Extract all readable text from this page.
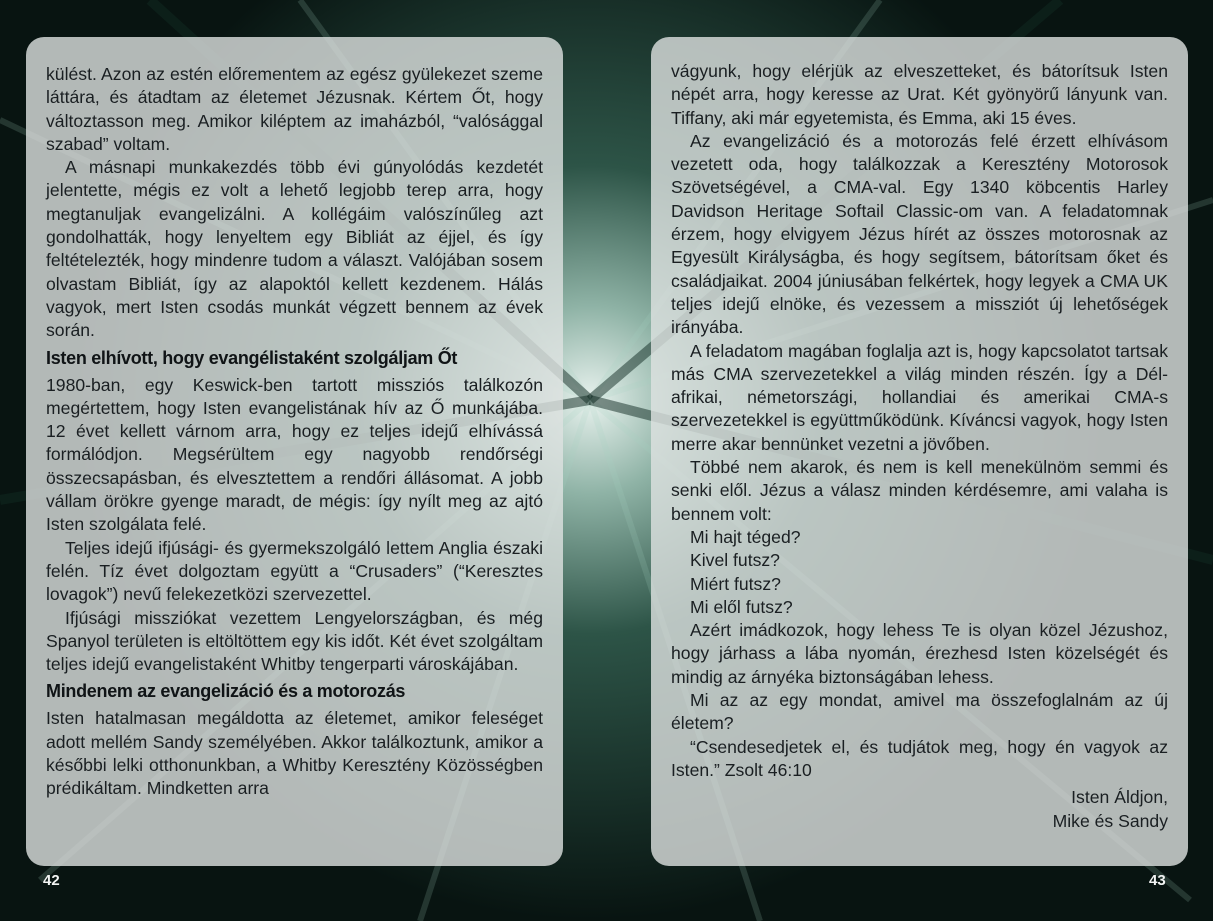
külést. Azon az estén előrementem az egész gyülekezet szeme láttára, és átadtam az életemet Jézusnak. Kértem Őt, hogy változtasson meg. Amikor kiléptem az imaházból, “valósággal szabad” voltam.

A másnapi munkakezdés több évi gúnyolódás kezdetét jelentette, mégis ez volt a lehető legjobb terep arra, hogy megtanuljak evangelizálni. A kollégáim valószínűleg azt gondolhatták, hogy lenyeltem egy Bibliát az éjjel, és így feltételezték, hogy mindenre tudom a választ. Valójában sosem olvastam Bibliát, így az alapoktól kellett kezdenem. Hálás vagyok, mert Isten csodás munkát végzett bennem az évek során.

Isten elhívott, hogy evangélistaként szolgáljam Őt

1980-ban, egy Keswick-ben tartott missziós találkozón megértettem, hogy Isten evangelistának hív az Ő munkájába. 12 évet kellett várnom arra, hogy ez teljes idejű elhívássá formálódjon. Megsérültem egy nagyobb rendőrségi összecsapásban, és elvesztettem a rendőri állásomat. A jobb vállam örökre gyenge maradt, de mégis: így nyílt meg az ajtó Isten szolgálata felé.

Teljes idejű ifjúsági- és gyermekszolgáló lettem Anglia északi felén. Tíz évet dolgoztam együtt a “Crusaders” (“Keresztes lovagok”) nevű felekezetközi szervezettel.

Ifjúsági missziókat vezettem Lengyelországban, és még Spanyol területen is eltöltöttem egy kis időt. Két évet szolgáltam teljes idejű evangelistaként Whitby tengerparti városkájában.

Mindenem az evangelizáció és a motorozás

Isten hatalmasan megáldotta az életemet, amikor feleséget adott mellém Sandy személyében. Akkor találkoztunk, amikor a későbbi lelki otthonunkban, a Whitby Keresztény Közösségben prédikáltam. Mindketten arra

vágyunk, hogy elérjük az elveszetteket, és bátorítsuk Isten népét arra, hogy keresse az Urat. Két gyönyörű lányunk van. Tiffany, aki már egyetemista, és Emma, aki 15 éves.

Az evangelizáció és a motorozás felé érzett elhívásom vezetett oda, hogy találkozzak a Keresztény Motorosok Szövetségével, a CMA-val. Egy 1340 köbcentis Harley Davidson Heritage Softail Classic-om van. A feladatomnak érzem, hogy elvigyem Jézus hírét az összes motorosnak az Egyesült Királyságba, és hogy segítsem, bátorítsam őket és családjaikat. 2004 júniusában felkértek, hogy legyek a CMA UK teljes idejű elnöke, és vezessem a missziót új lehetőségek irányába.

A feladatom magában foglalja azt is, hogy kapcsolatot tartsak más CMA szervezetekkel a világ minden részén. Így a Dél-afrikai, németországi, hollandiai és amerikai CMA-s szervezetekkel is együttműködünk. Kíváncsi vagyok, hogy Isten merre akar bennünket vezetni a jövőben.

Többé nem akarok, és nem is kell menekülnöm semmi és senki elől. Jézus a válasz minden kérdésemre, ami valaha is bennem volt:

Mi hajt téged?

Kivel futsz?

Miért futsz?

Mi elől futsz?

Azért imádkozok, hogy lehess Te is olyan közel Jézushoz, hogy járhass a lába nyomán, érezhesd Isten közelségét és mindig az árnyéka biztonságában lehess.

Mi az az egy mondat, amivel ma összefoglalnám az új életem?

“Csendesedjetek el, és tudjátok meg, hogy én vagyok az Isten.” Zsolt 46:10

Isten Áldjon,
Mike és Sandy
42	43
